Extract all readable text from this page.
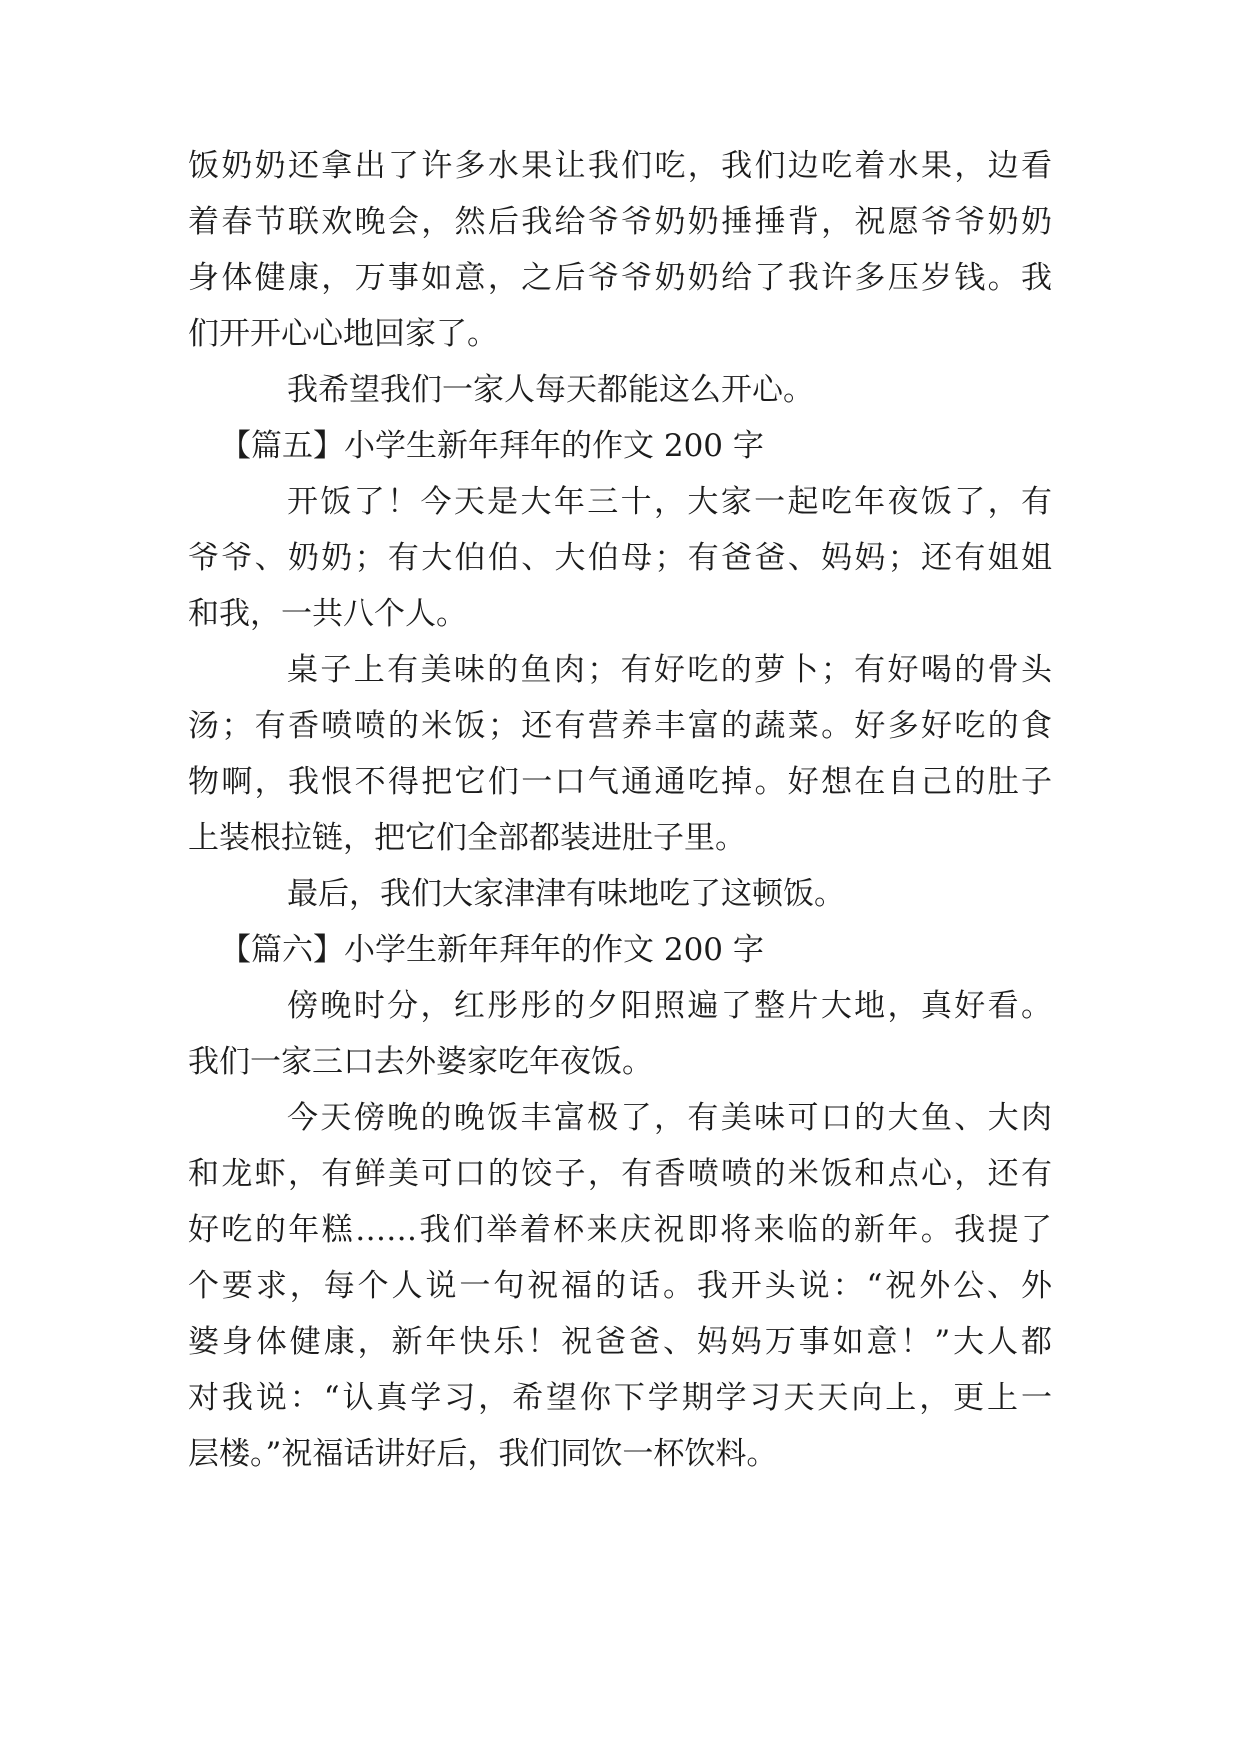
饭奶奶还拿出了许多水果让我们吃，我们边吃着水果，边看
着春节联欢晚会，然后我给爷爷奶奶捶捶背，祝愿爷爷奶奶
身体健康，万事如意，之后爷爷奶奶给了我许多压岁钱。我
们开开心心地回家了。
我希望我们一家人每天都能这么开心。
【篇五】小学生新年拜年的作文 200 字
开饭了！今天是大年三十，大家一起吃年夜饭了，有
爷爷、奶奶；有大伯伯、大伯母；有爸爸、妈妈；还有姐姐
和我，一共八个人。
桌子上有美味的鱼肉；有好吃的萝卜；有好喝的骨头
汤；有香喷喷的米饭；还有营养丰富的蔬菜。好多好吃的食
物啊，我恨不得把它们一口气通通吃掉。好想在自己的肚子
上装根拉链，把它们全部都装进肚子里。
最后，我们大家津津有味地吃了这顿饭。
【篇六】小学生新年拜年的作文 200 字
傍晚时分，红彤彤的夕阳照遍了整片大地，真好看。
我们一家三口去外婆家吃年夜饭。
今天傍晚的晚饭丰富极了，有美味可口的大鱼、大肉
和龙虾，有鲜美可口的饺子，有香喷喷的米饭和点心，还有
好吃的年糕……我们举着杯来庆祝即将来临的新年。我提了
个要求，每个人说一句祝福的话。我开头说：“祝外公、外
婆身体健康，新年快乐！祝爸爸、妈妈万事如意！”大人都
对我说：“认真学习，希望你下学期学习天天向上，更上一
层楼。”祝福话讲好后，我们同饮一杯饮料。
